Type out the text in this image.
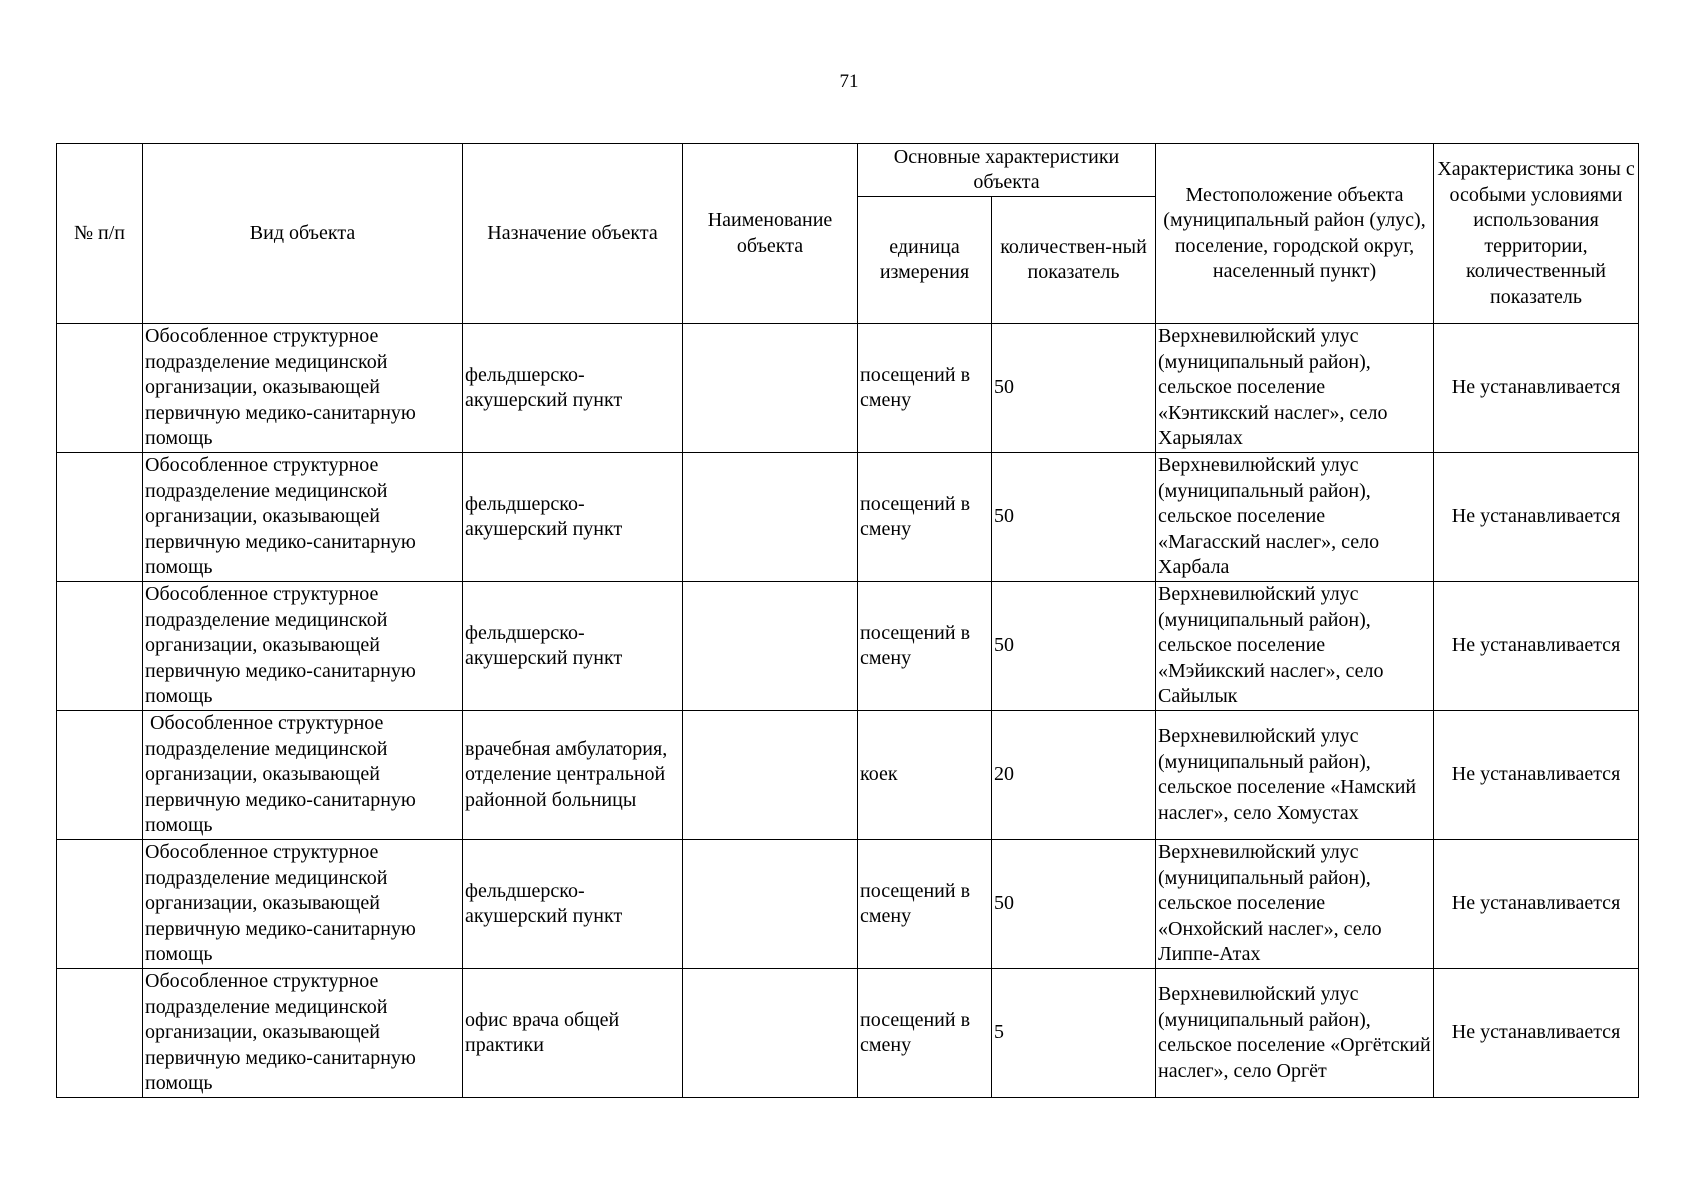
71
№ п/п	Вид объекта	Назначение объекта	Наименование объекта	Основные характеристики объекта		Местоположение объекта (муниципальный район (улус), поселение, городской округ, населенный пункт)	Характеристика зоны с особыми условиями использования территории, количественный показатель
				единица измерения	количествен-ный показатель		
	Обособленное структурное подразделение медицинской организации, оказывающей первичную медико-санитарную помощь	фельдшерско-акушерский пункт		посещений в смену	50	Верхневилюйский улус (муниципальный район), сельское поселение «Кэнтикский наслег», село Харыялах	Не устанавливается
	Обособленное структурное подразделение медицинской организации, оказывающей первичную медико-санитарную помощь	фельдшерско-акушерский пункт		посещений в смену	50	Верхневилюйский улус (муниципальный район), сельское поселение «Магасский наслег», село Харбала	Не устанавливается
	Обособленное структурное подразделение медицинской организации, оказывающей первичную медико-санитарную помощь	фельдшерско-акушерский пункт		посещений в смену	50	Верхневилюйский улус (муниципальный район), сельское поселение «Мэйикский наслег», село Сайылык	Не устанавливается
	Обособленное структурное подразделение медицинской организации, оказывающей первичную медико-санитарную помощь	врачебная амбулатория, отделение центральной районной больницы		коек	20	Верхневилюйский улус (муниципальный район), сельское поселение «Намский наслег», село Хомустах	Не устанавливается
	Обособленное структурное подразделение медицинской организации, оказывающей первичную медико-санитарную помощь	фельдшерско-акушерский пункт		посещений в смену	50	Верхневилюйский улус (муниципальный район), сельское поселение «Онхойский наслег», село Липпе-Атах	Не устанавливается
	Обособленное структурное подразделение медицинской организации, оказывающей первичную медико-санитарную помощь	офис врача общей практики		посещений в смену	5	Верхневилюйский улус (муниципальный район), сельское поселение «Оргётский наслег», село Оргёт	Не устанавливается
